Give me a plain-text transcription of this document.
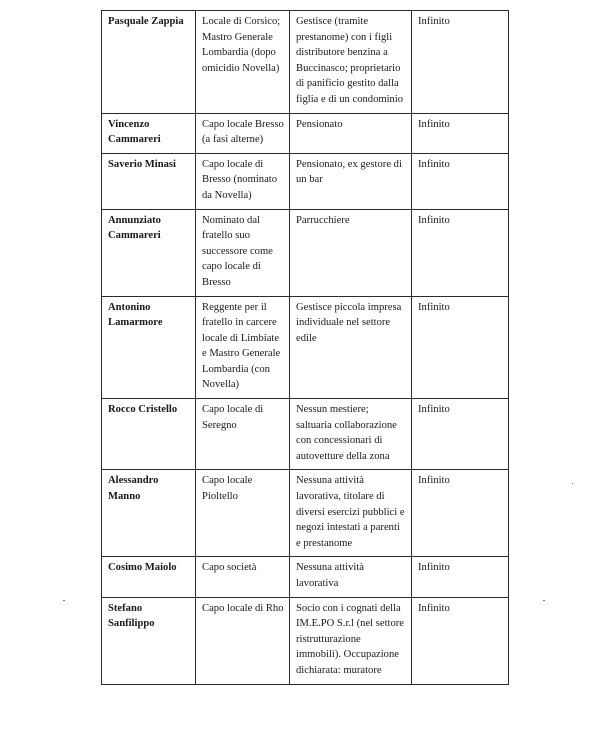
Pasquale Zappia	Locale di Corsico; Mastro Generale Lombardia (dopo omicidio Novella)	Gestisce (tramite prestanome) con i figli distributore benzina a Buccinasco; proprietario di panificio gestito dalla figlia e di un condominio	Infinito
Vincenzo Cammareri	Capo locale Bresso (a fasi alterne)	Pensionato	Infinito
Saverio Minasi	Capo locale di Bresso (nominato da Novella)	Pensionato, ex gestore di un bar	Infinito
Annunziato Cammareri	Nominato dal fratello suo successore come capo locale di Bresso	Parrucchiere	Infinito
Antonino Lamarmore	Reggente per il fratello in carcere locale di Limbiate e Mastro Generale Lombardia (con Novella)	Gestisce piccola impresa individuale nel settore edile	Infinito
Rocco Cristello	Capo locale di Seregno	Nessun mestiere; saltuaria collaborazione con concessionari di autovetture della zona	Infinito
Alessandro Manno	Capo locale Pioltello	Nessuna attività lavorativa, titolare di diversi esercizi pubblici e negozi intestati a parenti e prestanome	Infinito
Cosimo Maiolo	Capo società	Nessuna attività lavorativa	Infinito
Stefano Sanfilippo	Capo locale di Rho	Socio con i cognati della IM.E.PO S.r.l (nel settore ristrutturazione immobili). Occupazione dichiarata: muratore	Infinito
